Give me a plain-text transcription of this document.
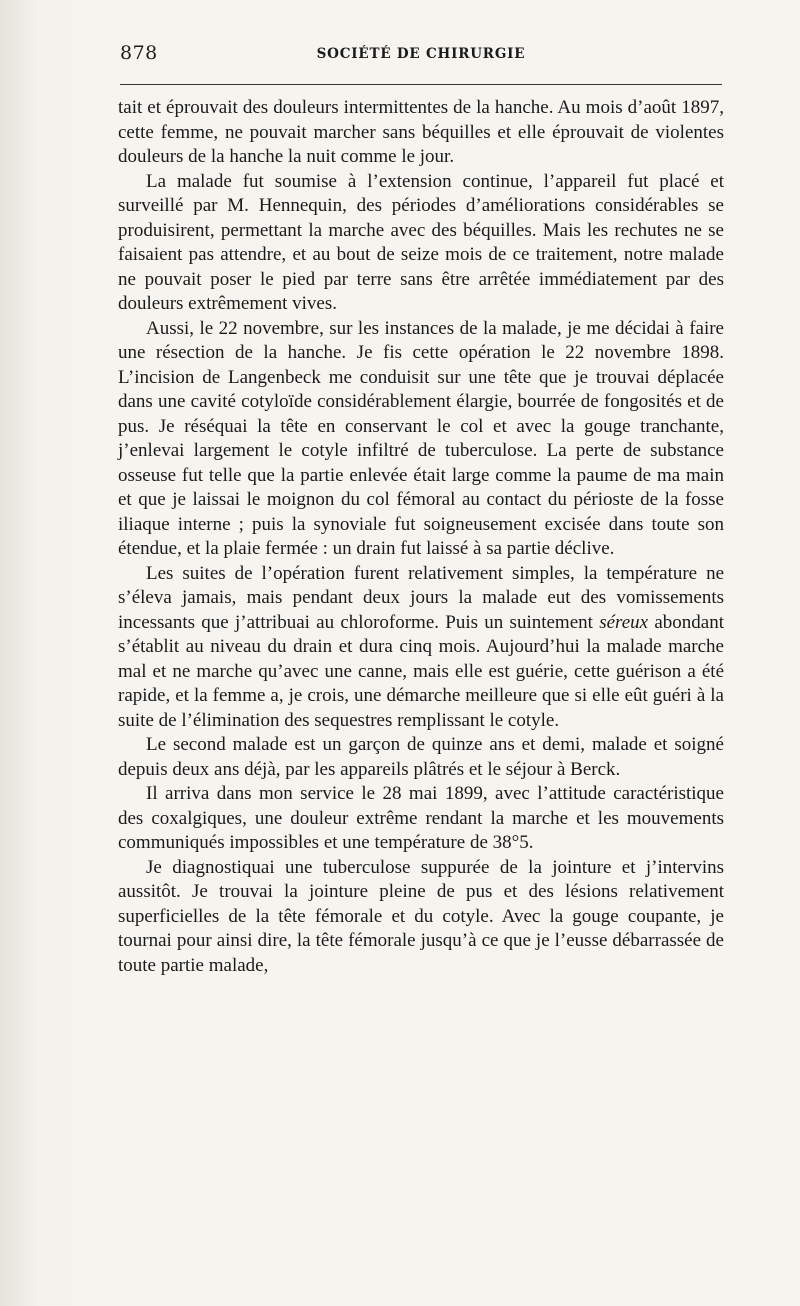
878	SOCIÉTÉ DE CHIRURGIE

tait et éprouvait des douleurs intermittentes de la hanche. Au mois d’août 1897, cette femme, ne pouvait marcher sans béquilles et elle éprouvait de violentes douleurs de la hanche la nuit comme le jour.

La malade fut soumise à l’extension continue, l’appareil fut placé et surveillé par M. Hennequin, des périodes d’améliorations considérables se produisirent, permettant la marche avec des béquilles. Mais les rechutes ne se faisaient pas attendre, et au bout de seize mois de ce traitement, notre malade ne pouvait poser le pied par terre sans être arrêtée immédiatement par des douleurs extrêmement vives.

Aussi, le 22 novembre, sur les instances de la malade, je me décidai à faire une résection de la hanche. Je fis cette opération le 22 novembre 1898. L’incision de Langenbeck me conduisit sur une tête que je trouvai déplacée dans une cavité cotyloïde considérablement élargie, bourrée de fongosités et de pus. Je réséquai la tête en conservant le col et avec la gouge tranchante, j’enlevai largement le cotyle infiltré de tuberculose. La perte de substance osseuse fut telle que la partie enlevée était large comme la paume de ma main et que je laissai le moignon du col fémoral au contact du périoste de la fosse iliaque interne ; puis la synoviale fut soigneusement excisée dans toute son étendue, et la plaie fermée : un drain fut laissé à sa partie déclive.

Les suites de l’opération furent relativement simples, la température ne s’éleva jamais, mais pendant deux jours la malade eut des vomissements incessants que j’attribuai au chloroforme. Puis un suintement séreux abondant s’établit au niveau du drain et dura cinq mois. Aujourd’hui la malade marche mal et ne marche qu’avec une canne, mais elle est guérie, cette guérison a été rapide, et la femme a, je crois, une démarche meilleure que si elle eût guéri à la suite de l’élimination des sequestres remplissant le cotyle.

Le second malade est un garçon de quinze ans et demi, malade et soigné depuis deux ans déjà, par les appareils plâtrés et le séjour à Berck.

Il arriva dans mon service le 28 mai 1899, avec l’attitude caractéristique des coxalgiques, une douleur extrême rendant la marche et les mouvements communiqués impossibles et une température de 38°5.

Je diagnostiquai une tuberculose suppurée de la jointure et j’intervins aussitôt. Je trouvai la jointure pleine de pus et des lésions relativement superficielles de la tête fémorale et du cotyle. Avec la gouge coupante, je tournai pour ainsi dire, la tête fémorale jusqu’à ce que je l’eusse débarrassée de toute partie malade,
